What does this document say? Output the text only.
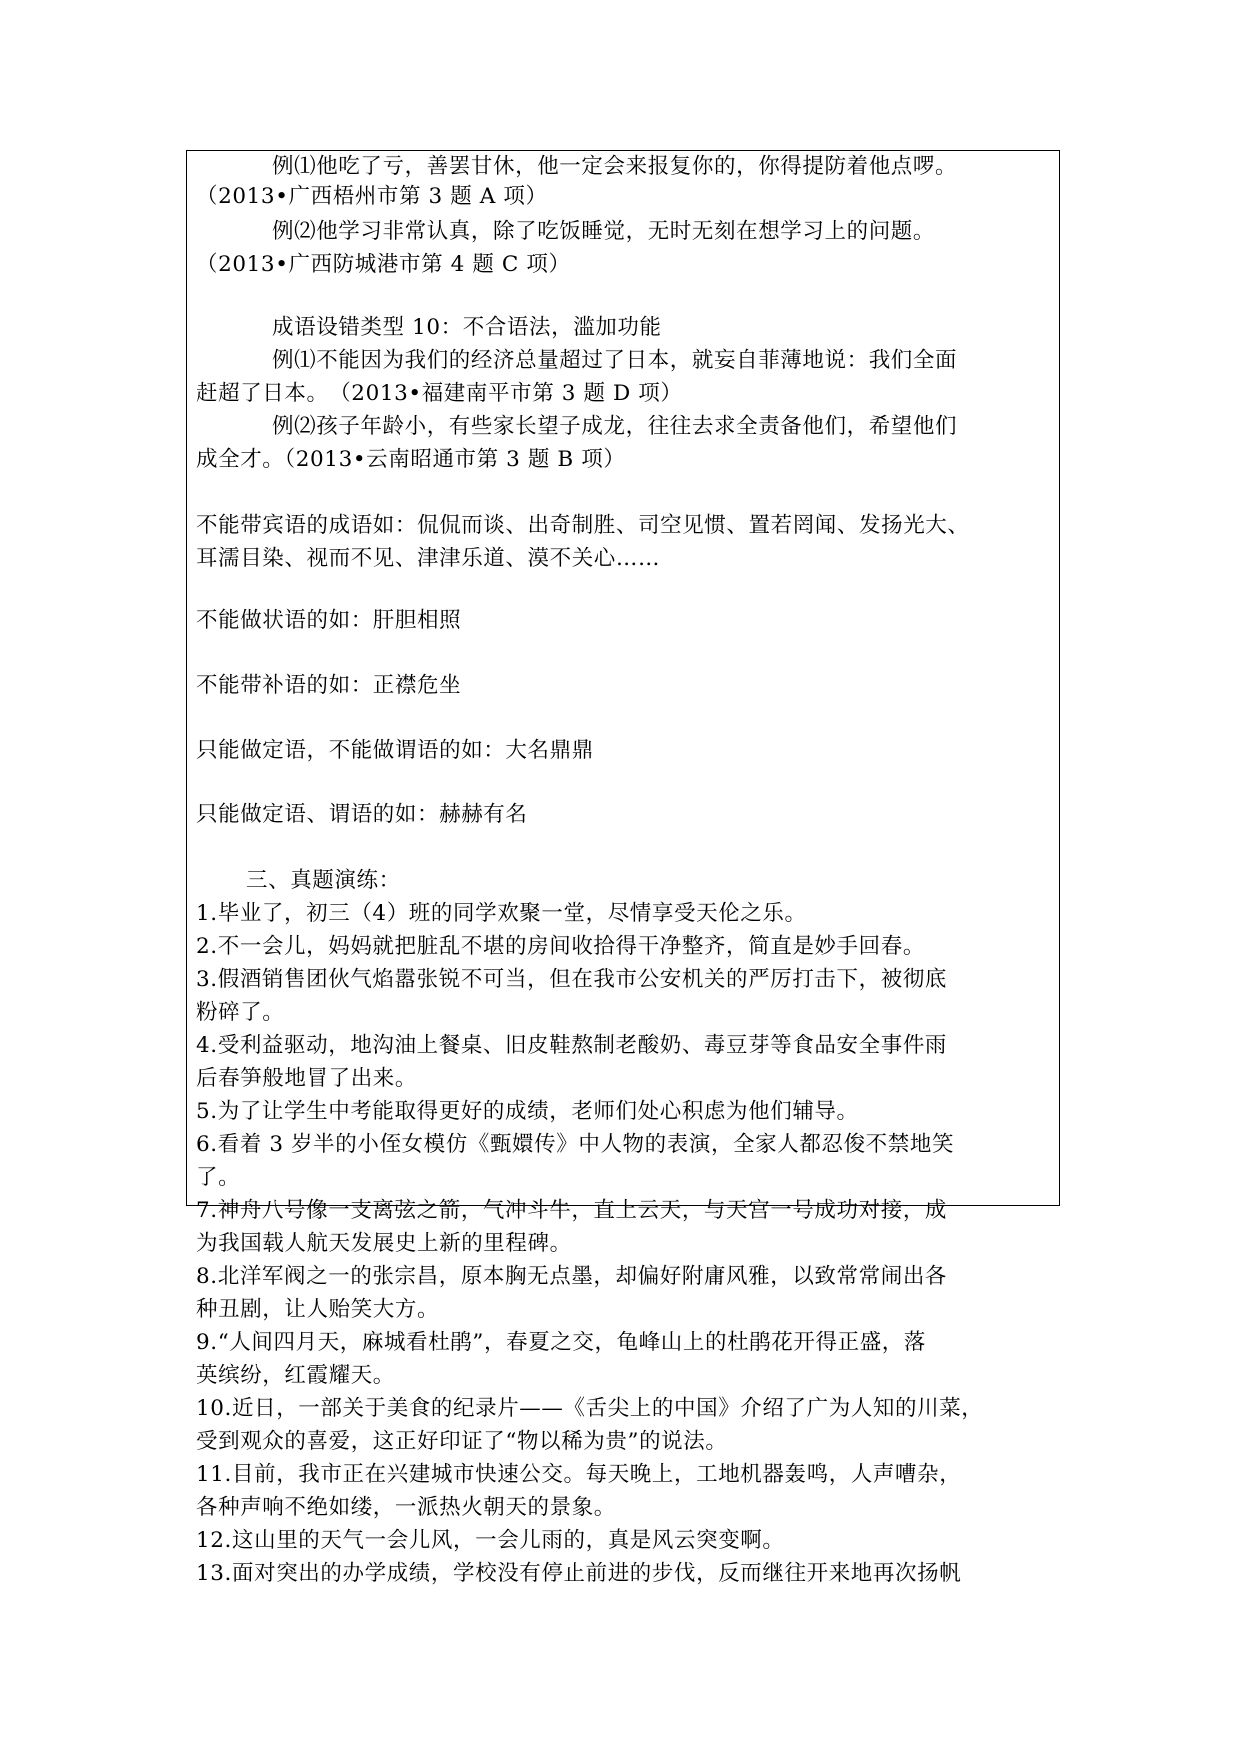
例⑴他吃了亏，善罢甘休，他一定会来报复你的，你得提防着他点啰。
（2013•广西梧州市第 3 题 A 项）
例⑵他学习非常认真，除了吃饭睡觉，无时无刻在想学习上的问题。
（2013•广西防城港市第 4 题 C 项）
成语设错类型 10：不合语法，滥加功能
例⑴不能因为我们的经济总量超过了日本，就妄自菲薄地说：我们全面
赶超了日本。　（2013•福建南平市第 3 题 D 项）
例⑵孩子年龄小，有些家长望子成龙，往往去求全责备他们，希望他们
成全才。（2013•云南昭通市第 3 题 B 项）
不能带宾语的成语如：侃侃而谈、出奇制胜、司空见惯、置若罔闻、发扬光大、
耳濡目染、视而不见、津津乐道、漠不关心……
不能做状语的如：肝胆相照
不能带补语的如：正襟危坐
只能做定语，不能做谓语的如：大名鼎鼎
只能做定语、谓语的如：赫赫有名
三、真题演练：
1.毕业了，初三（4）班的同学欢聚一堂，尽情享受天伦之乐。
2.不一会儿，妈妈就把脏乱不堪的房间收拾得干净整齐，简直是妙手回春。
3.假酒销售团伙气焰嚣张锐不可当，但在我市公安机关的严厉打击下，被彻底
粉碎了。
4.受利益驱动，地沟油上餐桌、旧皮鞋熬制老酸奶、毒豆芽等食品安全事件雨
后春笋般地冒了出来。
5.为了让学生中考能取得更好的成绩，老师们处心积虑为他们辅导。
6.看着 3 岁半的小侄女模仿《甄嬛传》中人物的表演，全家人都忍俊不禁地笑
了。
7.神舟八号像一支离弦之箭，气冲斗牛，直上云天，与天宫一号成功对接，成
为我国载人航天发展史上新的里程碑。
8.北洋军阀之一的张宗昌，原本胸无点墨，却偏好附庸风雅，以致常常闹出各
种丑剧，让人贻笑大方。
9.“人间四月天，麻城看杜鹃”，春夏之交，龟峰山上的杜鹃花开得正盛，落
英缤纷，红霞耀天。
10.近日，一部关于美食的纪录片——《舌尖上的中国》介绍了广为人知的川菜，
受到观众的喜爱，这正好印证了“物以稀为贵”的说法。
11.目前，我市正在兴建城市快速公交。每天晚上，工地机器轰鸣，人声嘈杂，
各种声响不绝如缕，一派热火朝天的景象。
12.这山里的天气一会儿风，一会儿雨的，真是风云突变啊。
13.面对突出的办学成绩，学校没有停止前进的步伐，反而继往开来地再次扬帆
